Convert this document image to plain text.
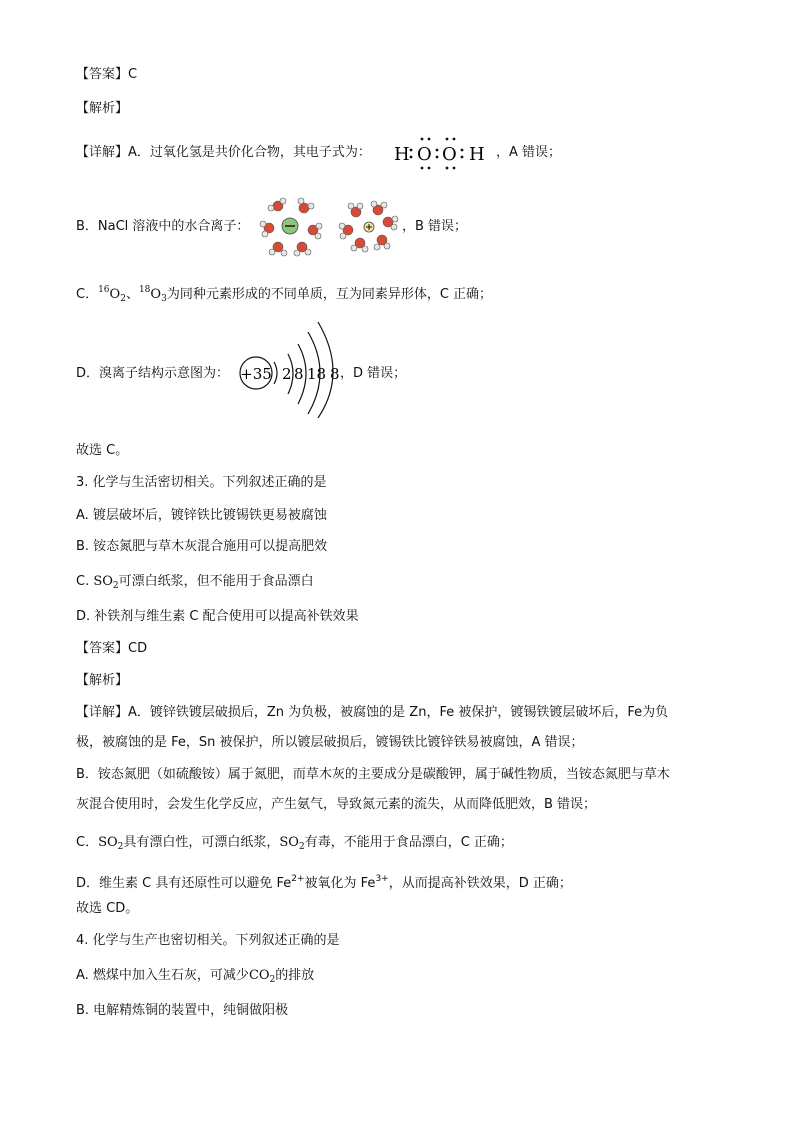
【答案】C
【解析】
【详解】A．过氧化氢是共价化合物，其电子式为： H O O H ，A 错误；
B．NaCl 溶液中的水合离子：	，B 错误；
C．$^{16}O_2$、$^{18}O_3$为同种元素形成的不同单质，互为同素异形体，C 正确；
D．溴离子结构示意图为： +35 2 8 18 8 ，D 错误；
故选 C。
3. 化学与生活密切相关。下列叙述正确的是
A. 镀层破坏后，镀锌铁比镀锡铁更易被腐蚀
B. 铵态氮肥与草木灰混合施用可以提高肥效
C. $SO_2$可漂白纸浆，但不能用于食品漂白
D. 补铁剂与维生素 C 配合使用可以提高补铁效果
【答案】CD
【解析】
【详解】A．镀锌铁镀层破损后，Zn 为负极，被腐蚀的是 Zn，Fe 被保护，镀锡铁镀层破坏后，Fe为负
极，被腐蚀的是 Fe，Sn 被保护，所以镀层破损后，镀锡铁比镀锌铁易被腐蚀，A 错误；
B．铵态氮肥（如硫酸铵）属于氮肥，而草木灰的主要成分是碳酸钾，属于碱性物质，当铵态氮肥与草木
灰混合使用时，会发生化学反应，产生氨气，导致氮元素的流失，从而降低肥效，B 错误；
C．$SO_2$具有漂白性，可漂白纸浆，$SO_2$有毒，不能用于食品漂白，C 正确；
D．维生素 C 具有还原性可以避免 $Fe^{2+}$被氧化为 $Fe^{3+}$，从而提高补铁效果，D 正确；
故选 CD。
4. 化学与生产也密切相关。下列叙述正确的是
A. 燃煤中加入生石灰，可减少$CO_2$的排放
B. 电解精炼铜的装置中，纯铜做阳极
